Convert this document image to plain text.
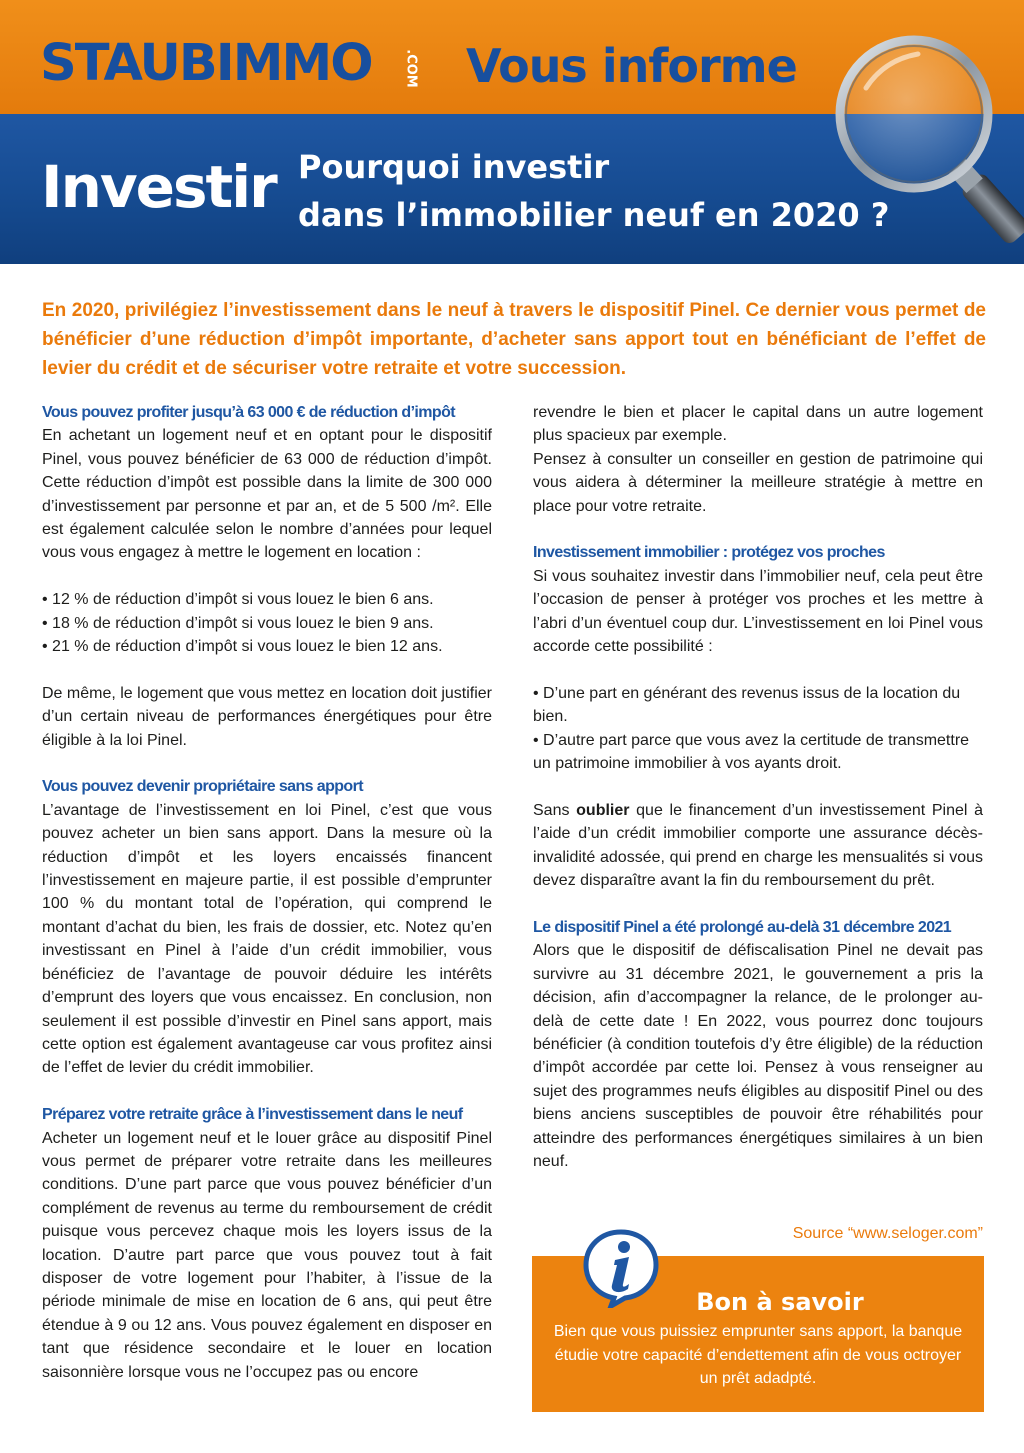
STAUBIMMO .COM Vous informe
Investir Pourquoi investir
dans l’immobilier neuf en 2020 ?

En 2020, privilégiez l’investissement dans le neuf à travers le dispositif Pinel. Ce dernier vous permet de bénéficier d’une réduction d’impôt importante, d’acheter sans apport tout en bénéficiant de l’effet de levier du crédit et de sécuriser votre retraite et votre succession.

Vous pouvez profiter jusqu’à 63 000 € de réduction d’impôt

En achetant un logement neuf et en optant pour le dispositif Pinel, vous pouvez bénéficier de 63 000 de réduction d’impôt. Cette réduction d’impôt est possible dans la limite de 300 000 d’investissement par personne et par an, et de 5 500 /m². Elle est également calculée selon le nombre d’années pour lequel vous vous engagez à mettre le logement en location :

• 12 % de réduction d’impôt si vous louez le bien 6 ans.
• 18 % de réduction d’impôt si vous louez le bien 9 ans.
• 21 % de réduction d’impôt si vous louez le bien 12 ans.

De même, le logement que vous mettez en location doit justifier d’un certain niveau de performances énergétiques pour être éligible à la loi Pinel.

Vous pouvez devenir propriétaire sans apport

L’avantage de l’investissement en loi Pinel, c’est que vous pouvez acheter un bien sans apport. Dans la mesure où la réduction d’impôt et les loyers encaissés financent l’investissement en majeure partie, il est possible d’emprunter 100 % du montant total de l’opération, qui comprend le montant d’achat du bien, les frais de dossier, etc. Notez qu’en investissant en Pinel à l’aide d’un crédit immobilier, vous bénéficiez de l’avantage de pouvoir déduire les intérêts d’emprunt des loyers que vous encaissez. En conclusion, non seulement il est possible d’investir en Pinel sans apport, mais cette option est également avantageuse car vous profitez ainsi de l’effet de levier du crédit immobilier.

Préparez votre retraite grâce à l’investissement dans le neuf

Acheter un logement neuf et le louer grâce au dispositif Pinel vous permet de préparer votre retraite dans les meilleures conditions. D’une part parce que vous pouvez bénéficier d’un complément de revenus au terme du remboursement de crédit puisque vous percevez chaque mois les loyers issus de la location. D’autre part parce que vous pouvez tout à fait disposer de votre logement pour l’habiter, à l’issue de la période minimale de mise en location de 6 ans, qui peut être étendue à 9 ou 12 ans. Vous pouvez également en disposer en tant que résidence secondaire et le louer en location saisonnière lorsque vous ne l’occupez pas ou encore

revendre le bien et placer le capital dans un autre logement plus spacieux par exemple.

Pensez à consulter un conseiller en gestion de patrimoine qui vous aidera à déterminer la meilleure stratégie à mettre en place pour votre retraite.

Investissement immobilier : protégez vos proches

Si vous souhaitez investir dans l’immobilier neuf, cela peut être l’occasion de penser à protéger vos proches et les mettre à l’abri d’un éventuel coup dur. L’investissement en loi Pinel vous accorde cette possibilité :

• D’une part en générant des revenus issus de la location du bien.
• D’autre part parce que vous avez la certitude de transmettre un patrimoine immobilier à vos ayants droit.

Sans oublier que le financement d’un investissement Pinel à l’aide d’un crédit immobilier comporte une assurance décès-invalidité adossée, qui prend en charge les mensualités si vous devez disparaître avant la fin du remboursement du prêt.

Le dispositif Pinel a été prolongé au-delà 31 décembre 2021

Alors que le dispositif de défiscalisation Pinel ne devait pas survivre au 31 décembre 2021, le gouvernement a pris la décision, afin d’accompagner la relance, de le prolonger au-delà de cette date ! En 2022, vous pourrez donc toujours bénéficier (à condition toutefois d’y être éligible) de la réduction d’impôt accordée par cette loi. Pensez à vous renseigner au sujet des programmes neufs éligibles au dispositif Pinel ou des biens anciens susceptibles de pouvoir être réhabilités pour atteindre des performances énergétiques similaires à un bien neuf.

Source “www.seloger.com”
Bon à savoir

Bien que vous puissiez emprunter sans apport, la banque étudie votre capacité d’endettement afin de vous octroyer un prêt adadpté.
